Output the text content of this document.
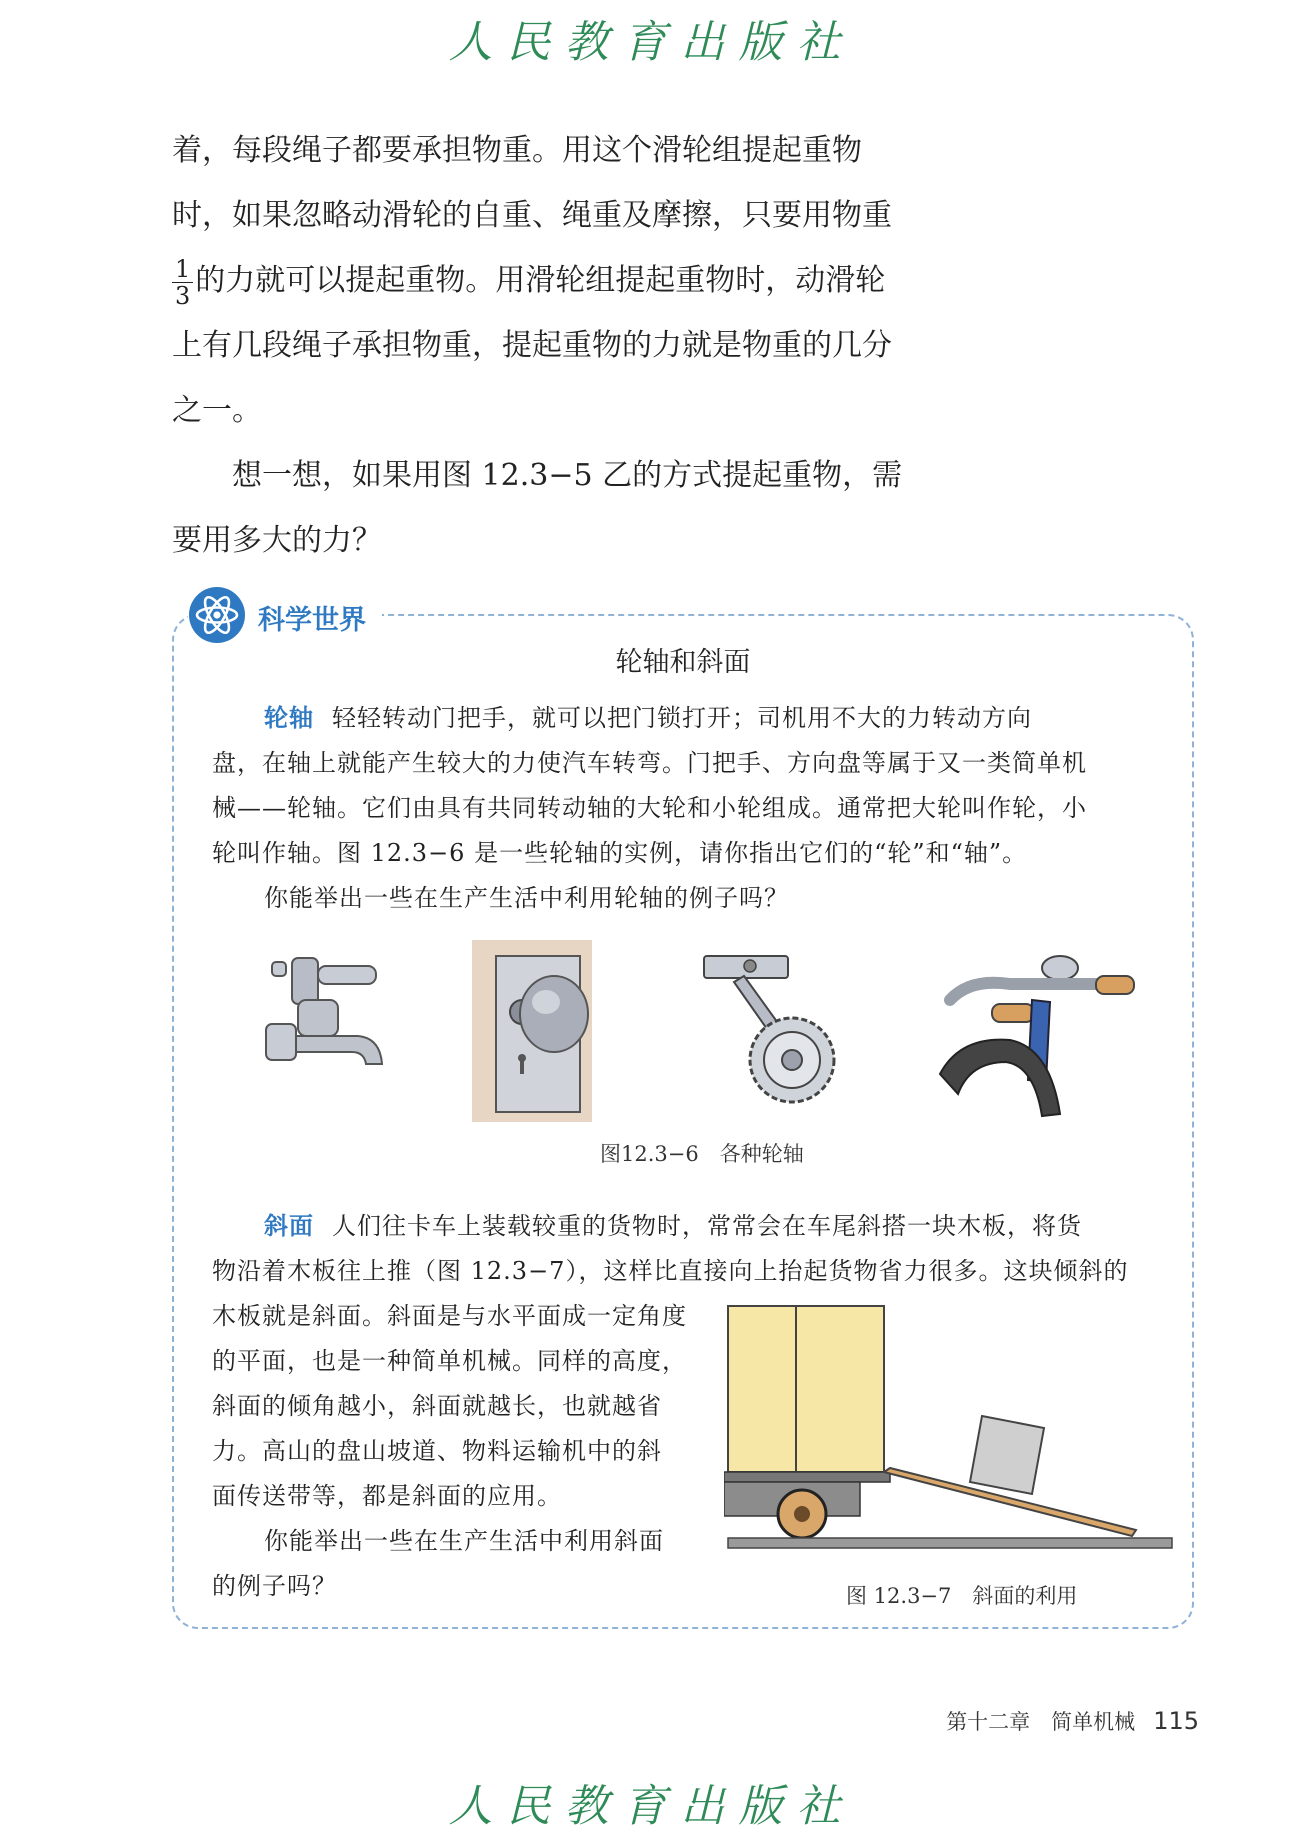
人民教育出版社

着，每段绳子都要承担物重。用这个滑轮组提起重物

时，如果忽略动滑轮的自重、绳重及摩擦，只要用物重

$\frac{1}{3}$ 的力就可以提起重物。用滑轮组提起重物时，动滑轮

上有几段绳子承担物重，提起重物的力就是物重的几分

之一。

想一想，如果用图 12.3−5 乙的方式提起重物，需

要用多大的力？

科学世界
轮轴和斜面

轮轴 轻轻转动门把手，就可以把门锁打开；司机用不大的力转动方向

盘，在轴上就能产生较大的力使汽车转弯。门把手、方向盘等属于又一类简单机

械——轮轴。它们由具有共同转动轴的大轮和小轮组成。通常把大轮叫作轮，小

轮叫作轴。图 12.3−6 是一些轮轴的实例，请你指出它们的“轮”和“轴”。

你能举出一些在生产生活中利用轮轴的例子吗？

图12.3−6　各种轮轴

斜面 人们往卡车上装载较重的货物时，常常会在车尾斜搭一块木板，将货

物沿着木板往上推（图 12.3−7），这样比直接向上抬起货物省力很多。这块倾斜的

木板就是斜面。斜面是与水平面成一定角度

的平面，也是一种简单机械。同样的高度，

斜面的倾角越小，斜面就越长，也就越省

力。高山的盘山坡道、物料运输机中的斜

面传送带等，都是斜面的应用。

你能举出一些在生产生活中利用斜面

的例子吗？	图 12.3−7　斜面的利用
第十二章　简单机械 115
人民教育出版社
